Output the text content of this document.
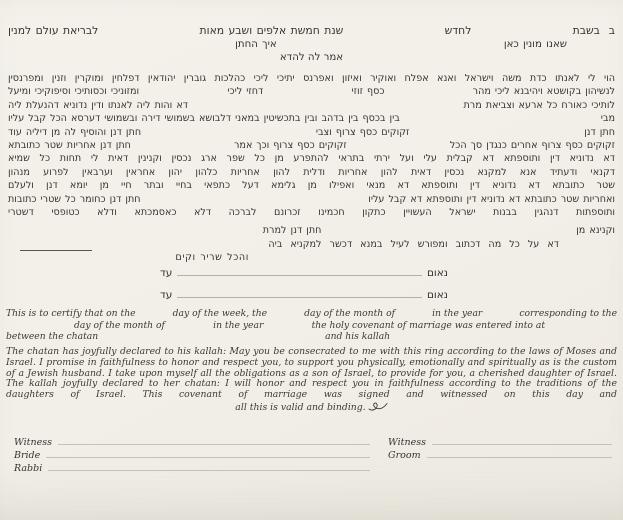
ב  בשבת
לחדש
שנת חמשת אלפים ושבע מאות
לבריאת עולם למנין
שאנו מונין כאן
איך החתן
אמר לה להדא
הוי לי לאנתו כדת משה וישראל ואנא אפלח ואוקיר ואיזון ואפרנס יתיכי ליכי כהלכות גוברין יהודאין דפלחין ומוקרין וזנין ומפרנסין
לנשיהון בקושטא ויהיבנא ליכי מהר
כסף זוזי
דחזי ליכי
ומזוניכי וכסותיכי וסיפוקיכי ומיעל
לותיכי כאורח כל ארעא וצביאת מרת
דא והות ליה לאנתו ודין נדוניא דהנעלת ליה
מבי
בין בכסף בין בדהב ובין בתכשיטין במאני דלבושא בשמושי דירה ובשמושי דערסא הכל קבל עליו
חתן דנן
זקוקים כסף צרוף וצבי
חתן דנן והוסיף לה מן דיליה עוד
זקוקים כסף צרוף אחרים כנגדן סך הכל
זקוקים כסף צרוף וכך אמר
חתן דנן אחריות שטר כתובתא
דא נדוניא דין ותוספתא דא קבלית עלי ועל ירתי בתראי להתפרע מן כל שפר ארג נכסין וקנינין דאית לי תחות כל שמיא
דקנאי ודעתיד אנא למקנא נכסין דאית להון אחריות ודלית להון אחריות כלהון יהון אחראין וערבאין לפרוע מנהון
שטר כתובתא דא נדוניא דין ותוספתא דא מנאי ואפילו מן גלימא דעל כתפאי בחיי ובתר חיי מן יומא דנן ולעלם
ואחריות שטר כתובתא דא נדוניא דין ותוספתא דא קבל עליו
חתן דנן כחומר כל שטרי כתובות
ותוספתות דנהגין בבנות ישראל העשויין כתקון חכמינו זכרונם לברכה דלא כאסמכתא ודלא כטופסי דשטרי
וקנינא מן
חתן דנן למרת
דא על כל מה דכתוב ומפורש לעיל במנא דכשר למקניא ביה
והכל שריר וקים
נאום
עד
נאום
עד
This is to certify that on the	day of the week, the	day of the month of	in the year	corresponding to the
day of the month of	in the year	the holy covenant of marriage was entered into at
between the chatan	and his kallah

The chatan has joyfully declared to his kallah: May you be consecrated to me with this ring according to the laws of Moses and Israel. I promise in faithfulness to honor and respect you, to support you physically, emotionally and spiritually as is the custom of a Jewish husband. I take upon myself all the obligations as a son of Israel, to provide for you, a cherished daughter of Israel. The kallah joyfully declared to her chatan: I will honor and respect you in faithfulness according to the traditions of the daughters of Israel. This covenant of marriage was signed and witnessed on this day and

all this is valid and binding.
Witness
Bride
Rabbi
Witness
Groom
